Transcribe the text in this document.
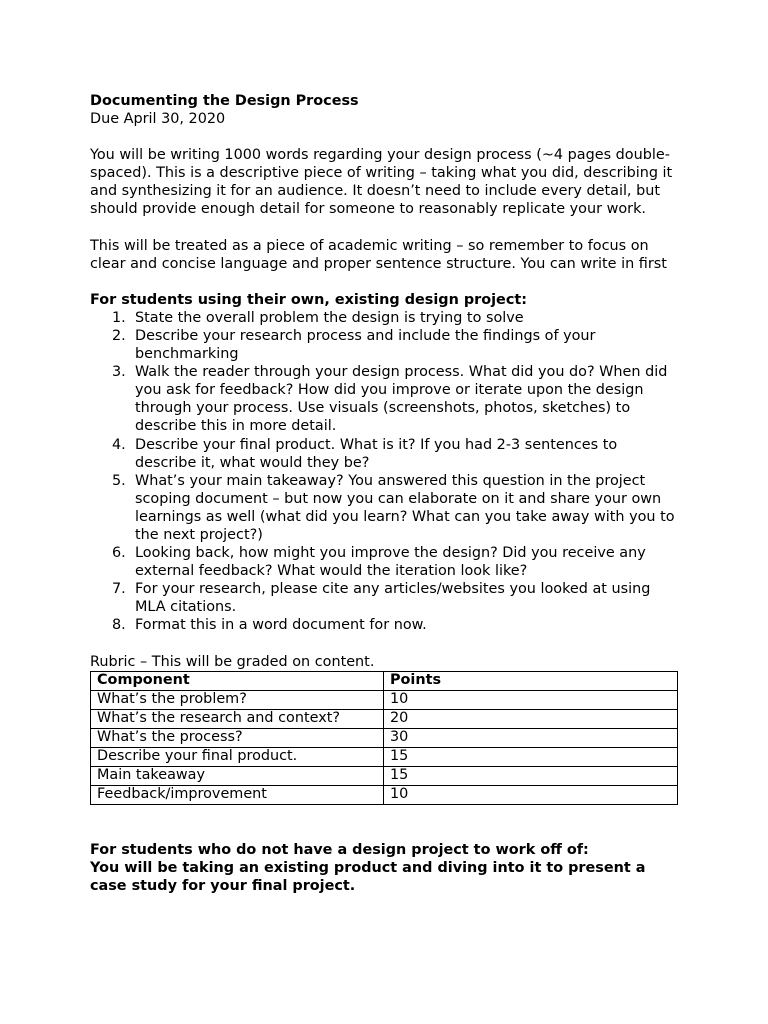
Documenting the Design Process
Due April 30, 2020

You will be writing 1000 words regarding your design process (~4 pages double-spaced). This is a descriptive piece of writing – taking what you did, describing it and synthesizing it for an audience. It doesn’t need to include every detail, but should provide enough detail for someone to reasonably replicate your work.

This will be treated as a piece of academic writing – so remember to focus on clear and concise language and proper sentence structure. You can write in first

For students using their own, existing design project:
1. State the overall problem the design is trying to solve
2. Describe your research process and include the findings of your benchmarking
3. Walk the reader through your design process. What did you do? When did you ask for feedback? How did you improve or iterate upon the design through your process. Use visuals (screenshots, photos, sketches) to describe this in more detail.
4. Describe your final product. What is it? If you had 2-3 sentences to describe it, what would they be?
5. What’s your main takeaway? You answered this question in the project scoping document – but now you can elaborate on it and share your own learnings as well (what did you learn? What can you take away with you to the next project?)
6. Looking back, how might you improve the design? Did you receive any external feedback? What would the iteration look like?
7. For your research, please cite any articles/websites you looked at using MLA citations.
8. Format this in a word document for now.
Rubric – This will be graded on content.
Component	Points
What’s the problem?	10
What’s the research and context?	20
What’s the process?	30
Describe your final product.	15
Main takeaway	15
Feedback/improvement	10
For students who do not have a design project to work off of:
You will be taking an existing product and diving into it to present a case study for your final project.
